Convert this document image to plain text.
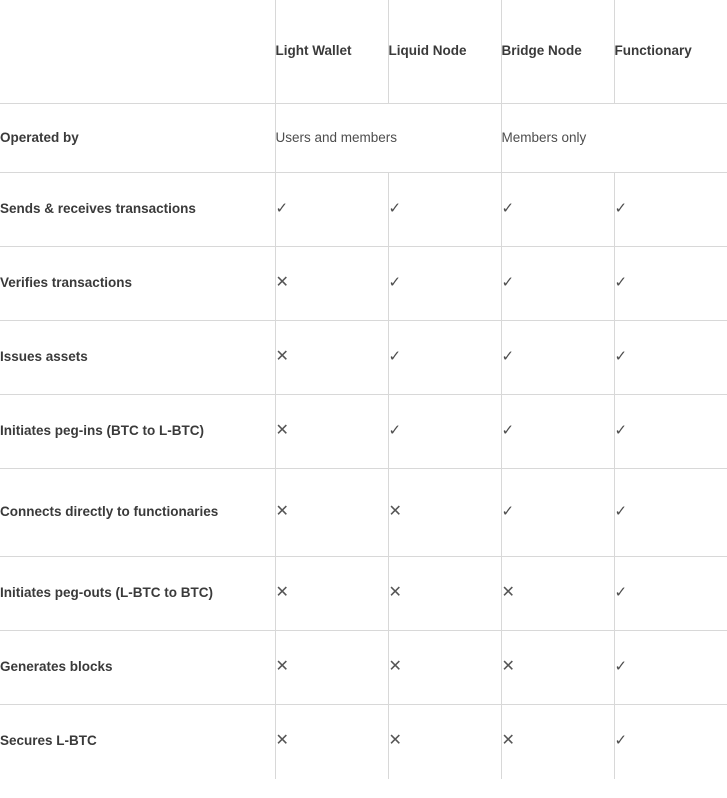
	Light Wallet	Liquid Node	Bridge Node	Functionary
Operated by	Users and members		Members only	
Sends & receives transactions	✓	✓	✓	✓
Verifies transactions	✕	✓	✓	✓
Issues assets	✕	✓	✓	✓
Initiates peg-ins (BTC to L-BTC)	✕	✓	✓	✓
Connects directly to functionaries	✕	✕	✓	✓
Initiates peg-outs (L-BTC to BTC)	✕	✕	✕	✓
Generates blocks	✕	✕	✕	✓
Secures L-BTC	✕	✕	✕	✓
